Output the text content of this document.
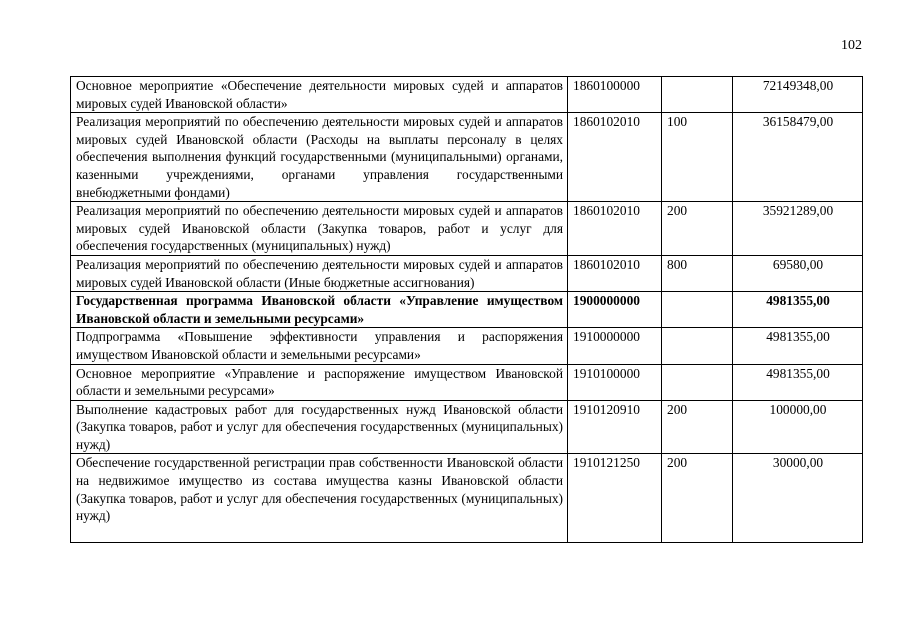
102
Основное мероприятие «Обеспечение деятельности мировых судей и аппаратов мировых судей Ивановской области»	1860100000		72149348,00
Реализация мероприятий по обеспечению деятельности мировых судей и аппаратов мировых судей Ивановской области (Расходы на выплаты персоналу в целях обеспечения выполнения функций государственными (муниципальными) органами, казенными учреждениями, органами управления государственными внебюджетными фондами)	1860102010	100	36158479,00
Реализация мероприятий по обеспечению деятельности мировых судей и аппаратов мировых судей Ивановской области (Закупка товаров, работ и услуг для обеспечения государственных (муниципальных) нужд)	1860102010	200	35921289,00
Реализация мероприятий по обеспечению деятельности мировых судей и аппаратов мировых судей Ивановской области (Иные бюджетные ассигнования)	1860102010	800	69580,00
Государственная программа Ивановской области «Управление имуществом Ивановской области и земельными ресурсами»	1900000000		4981355,00
Подпрограмма «Повышение эффективности управления и распоряжения имуществом Ивановской области и земельными ресурсами»	1910000000		4981355,00
Основное мероприятие «Управление и распоряжение имуществом Ивановской области и земельными ресурсами»	1910100000		4981355,00
Выполнение кадастровых работ для государственных нужд Ивановской области (Закупка товаров, работ и услуг для обеспечения государственных (муниципальных) нужд)	1910120910	200	100000,00
Обеспечение государственной регистрации прав собственности Ивановской области на недвижимое имущество из состава имущества казны Ивановской области (Закупка товаров, работ и услуг для обеспечения государственных (муниципальных) нужд)	1910121250	200	30000,00
